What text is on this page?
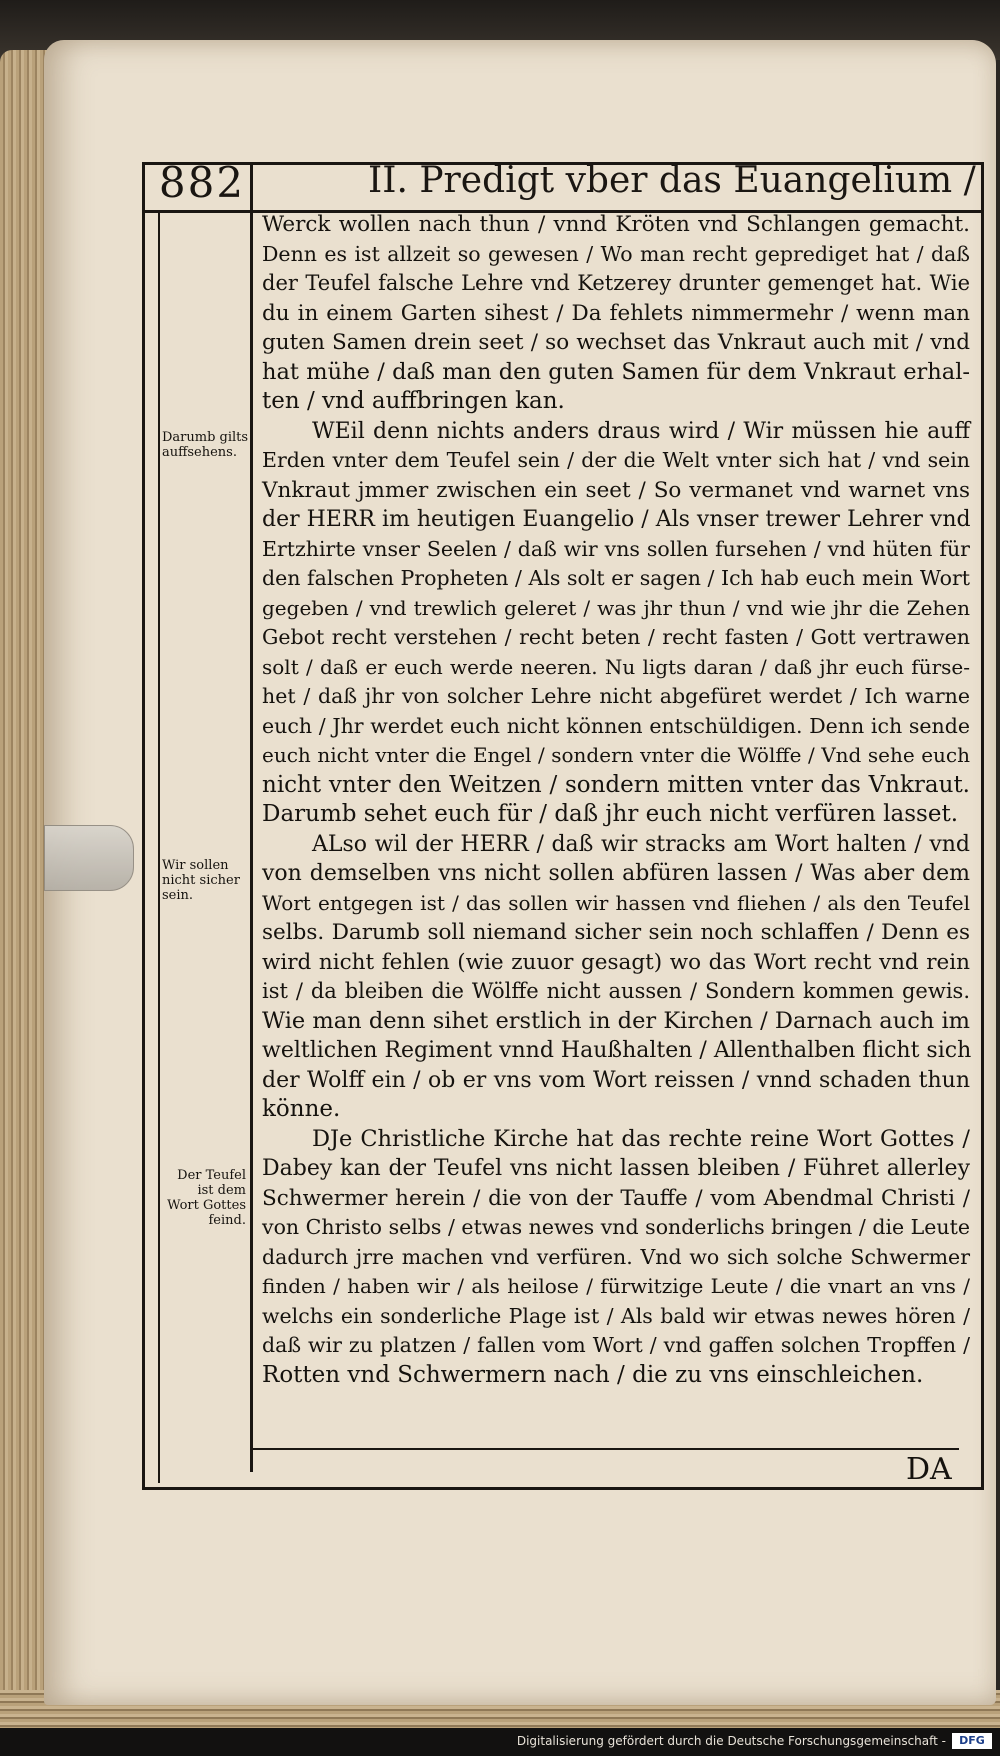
882	II. Predigt vber das Euangelium /
Werck wollen nach thun / vnnd Kröten vnd Schlangen gemacht.
Denn es ist allzeit so gewesen / Wo man recht geprediget hat / daß
der Teufel falsche Lehre vnd Ketzerey drunter gemenget hat. Wie
du in einem Garten sihest / Da fehlets nimmermehr / wenn man
guten Samen drein seet / so wechset das Vnkraut auch mit / vnd
hat mühe / daß man den guten Samen für dem Vnkraut erhal-
ten / vnd auffbringen kan.
WEil denn nichts anders draus wird / Wir müssen hie auff
Erden vnter dem Teufel sein / der die Welt vnter sich hat / vnd sein
Vnkraut jmmer zwischen ein seet / So vermanet vnd warnet vns
der HERR im heutigen Euangelio / Als vnser trewer Lehrer vnd
Ertzhirte vnser Seelen / daß wir vns sollen fursehen / vnd hüten für
den falschen Propheten / Als solt er sagen / Ich hab euch mein Wort
gegeben / vnd trewlich geleret / was jhr thun / vnd wie jhr die Zehen
Gebot recht verstehen / recht beten / recht fasten / Gott vertrawen
solt / daß er euch werde neeren. Nu ligts daran / daß jhr euch fürse-
het / daß jhr von solcher Lehre nicht abgefüret werdet / Ich warne
euch / Jhr werdet euch nicht können entschüldigen. Denn ich sende
euch nicht vnter die Engel / sondern vnter die Wölffe / Vnd sehe euch
nicht vnter den Weitzen / sondern mitten vnter das Vnkraut.
Darumb sehet euch für / daß jhr euch nicht verfüren lasset.
ALso wil der HERR / daß wir stracks am Wort halten / vnd
von demselben vns nicht sollen abfüren lassen / Was aber dem
Wort entgegen ist / das sollen wir hassen vnd fliehen / als den Teufel
selbs. Darumb soll niemand sicher sein noch schlaffen / Denn es
wird nicht fehlen (wie zuuor gesagt) wo das Wort recht vnd rein
ist / da bleiben die Wölffe nicht aussen / Sondern kommen gewis.
Wie man denn sihet erstlich in der Kirchen / Darnach auch im
weltlichen Regiment vnnd Haußhalten / Allenthalben flicht sich
der Wolff ein / ob er vns vom Wort reissen / vnnd schaden thun
könne.
DJe Christliche Kirche hat das rechte reine Wort Gottes /
Dabey kan der Teufel vns nicht lassen bleiben / Führet allerley
Schwermer herein / die von der Tauffe / vom Abendmal Christi /
von Christo selbs / etwas newes vnd sonderlichs bringen / die Leute
dadurch jrre machen vnd verfüren. Vnd wo sich solche Schwermer
finden / haben wir / als heilose / fürwitzige Leute / die vnart an vns /
welchs ein sonderliche Plage ist / Als bald wir etwas newes hören /
daß wir zu platzen / fallen vom Wort / vnd gaffen solchen Tropffen /
Rotten vnd Schwermern nach / die zu vns einschleichen.
Darumb gilts auffsehens.
Wir sollen nicht sicher sein.
Der Teufel ist dem Wort Gottes feind.
DA
Digitalisierung gefördert durch die Deutsche Forschungsgemeinschaft -	DFG
